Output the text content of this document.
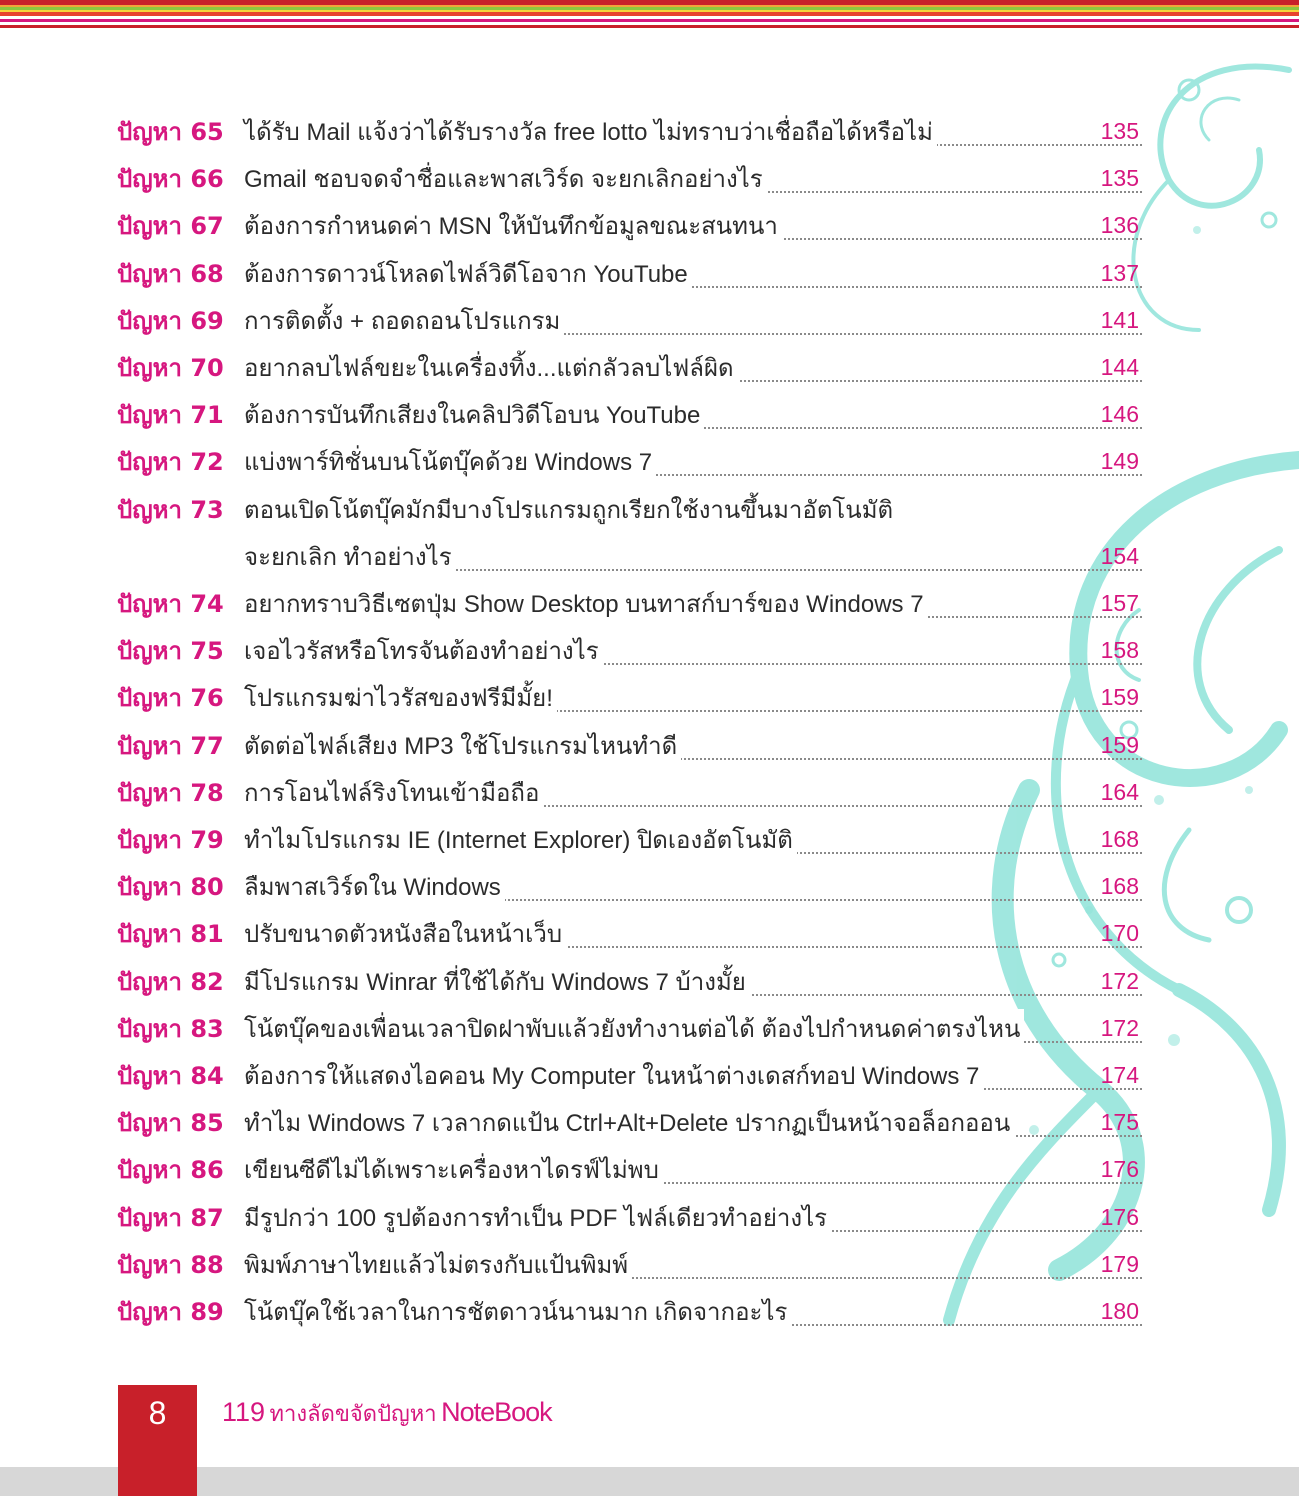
ปัญหา 65 ได้รับ Mail แจ้งว่าได้รับรางวัล free lotto ไม่ทราบว่าเชื่อถือได้หรือไม่	135
ปัญหา 66 Gmail ชอบจดจำชื่อและพาสเวิร์ด จะยกเลิกอย่างไร	135
ปัญหา 67 ต้องการกำหนดค่า MSN ให้บันทึกข้อมูลขณะสนทนา	136
ปัญหา 68 ต้องการดาวน์โหลดไฟล์วิดีโอจาก YouTube	137
ปัญหา 69 การติดตั้ง + ถอดถอนโปรแกรม	141
ปัญหา 70 อยากลบไฟล์ขยะในเครื่องทิ้ง...แต่กลัวลบไฟล์ผิด	144
ปัญหา 71 ต้องการบันทึกเสียงในคลิปวิดีโอบน YouTube	146
ปัญหา 72 แบ่งพาร์ทิชั่นบนโน้ตบุ๊คด้วย Windows 7	149
ปัญหา 73 ตอนเปิดโน้ตบุ๊คมักมีบางโปรแกรมถูกเรียกใช้งานขึ้นมาอัตโนมัติ
จะยกเลิก ทำอย่างไร	154
ปัญหา 74 อยากทราบวิธีเซตปุ่ม Show Desktop บนทาสก์บาร์ของ Windows 7	157
ปัญหา 75 เจอไวรัสหรือโทรจันต้องทำอย่างไร	158
ปัญหา 76 โปรแกรมฆ่าไวรัสของฟรีมีมั้ย!	159
ปัญหา 77 ตัดต่อไฟล์เสียง MP3 ใช้โปรแกรมไหนทำดี	159
ปัญหา 78 การโอนไฟล์ริงโทนเข้ามือถือ	164
ปัญหา 79 ทำไมโปรแกรม IE (Internet Explorer) ปิดเองอัตโนมัติ	168
ปัญหา 80 ลืมพาสเวิร์ดใน Windows	168
ปัญหา 81 ปรับขนาดตัวหนังสือในหน้าเว็บ	170
ปัญหา 82 มีโปรแกรม Winrar ที่ใช้ได้กับ Windows 7 บ้างมั้ย	172
ปัญหา 83 โน้ตบุ๊คของเพื่อนเวลาปิดฝาพับแล้วยังทำงานต่อได้ ต้องไปกำหนดค่าตรงไหน	172
ปัญหา 84 ต้องการให้แสดงไอคอน My Computer ในหน้าต่างเดสก์ทอป Windows 7	174
ปัญหา 85 ทำไม Windows 7 เวลากดแป้น Ctrl+Alt+Delete ปรากฏเป็นหน้าจอล็อกออน	175
ปัญหา 86 เขียนซีดีไม่ได้เพราะเครื่องหาไดรฟ์ไม่พบ	176
ปัญหา 87 มีรูปกว่า 100 รูปต้องการทำเป็น PDF ไฟล์เดียวทำอย่างไร	176
ปัญหา 88 พิมพ์ภาษาไทยแล้วไม่ตรงกับแป้นพิมพ์	179
ปัญหา 89 โน้ตบุ๊คใช้เวลาในการชัตดาวน์นานมาก เกิดจากอะไร	180
8	119 ทางลัดขจัดปัญหา NoteBook
